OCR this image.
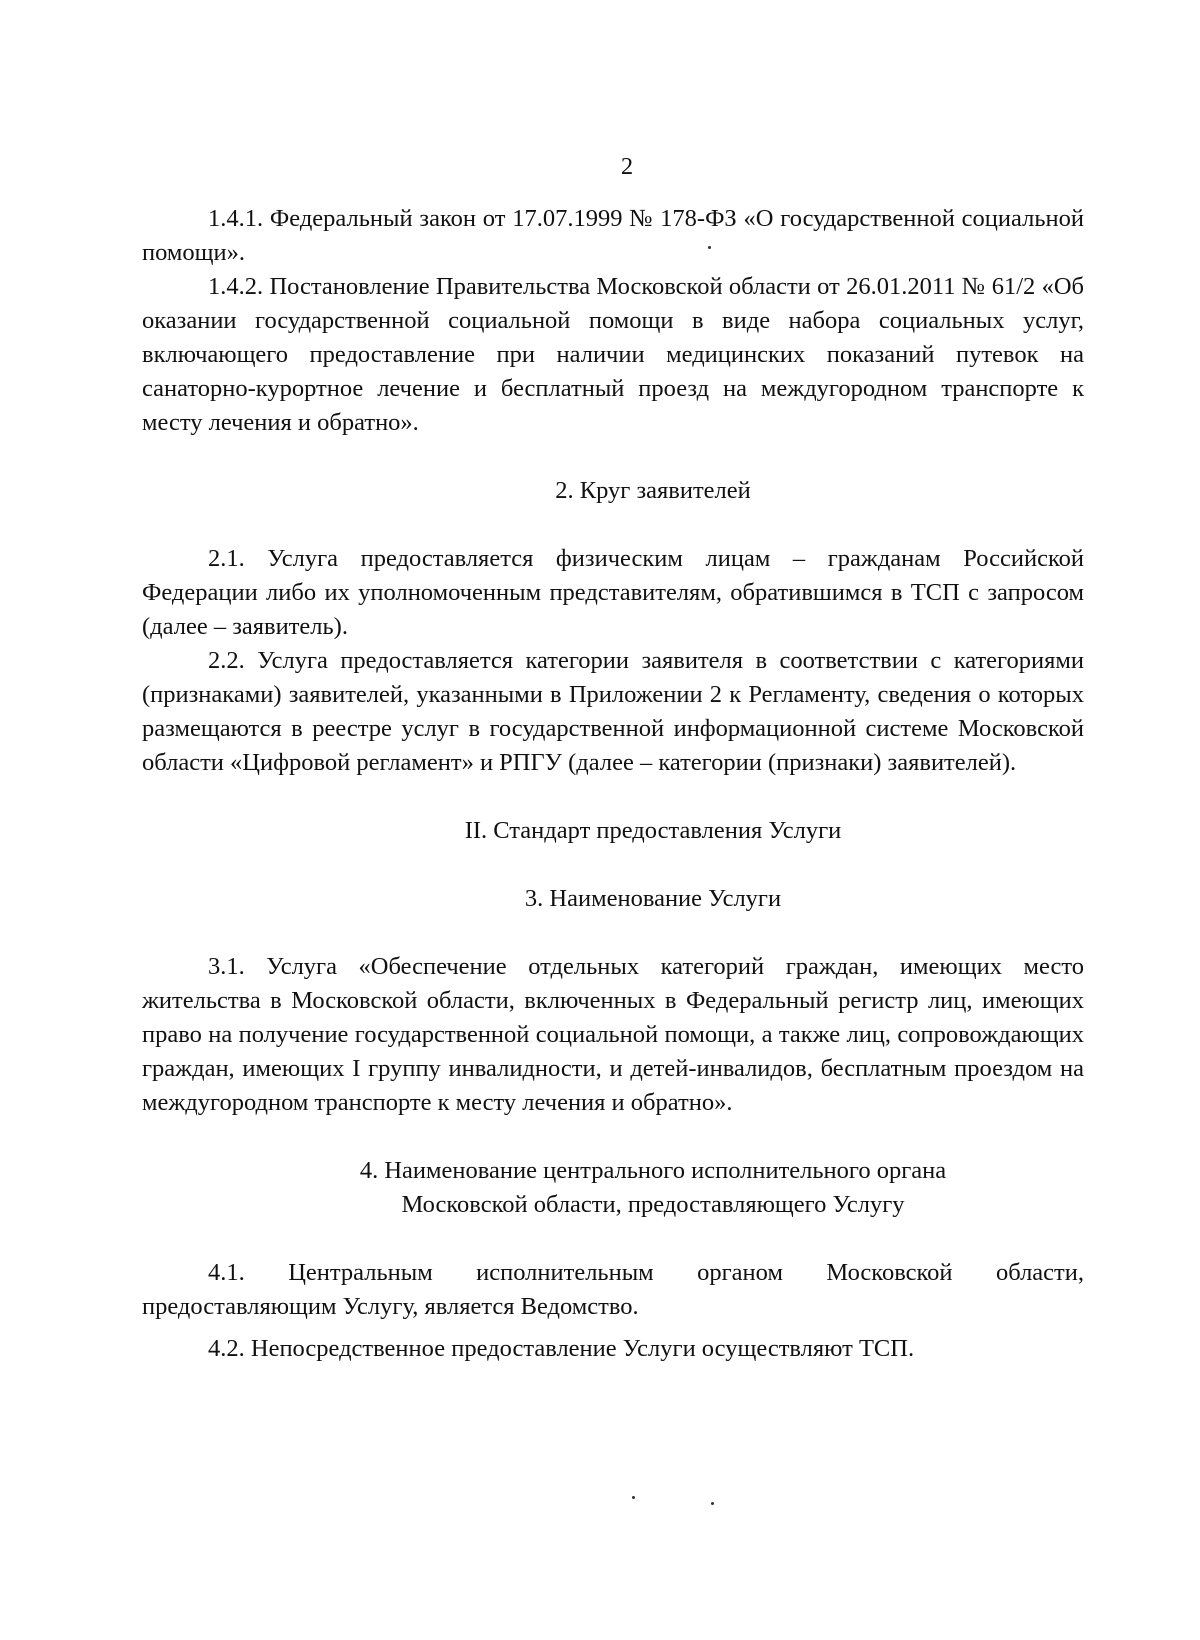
2

1.4.1. Федеральный закон от 17.07.1999 № 178-ФЗ «О государственной социальной помощи».

1.4.2. Постановление Правительства Московской области от 26.01.2011 № 61/2 «Об оказании государственной социальной помощи в виде набора социальных услуг, включающего предоставление при наличии медицинских показаний путевок на санаторно-курортное лечение и бесплатный проезд на междугородном транспорте к месту лечения и обратно».

2. Круг заявителей

2.1. Услуга предоставляется физическим лицам – гражданам Российской Федерации либо их уполномоченным представителям, обратившимся в ТСП с запросом (далее – заявитель).

2.2. Услуга предоставляется категории заявителя в соответствии с категориями (признаками) заявителей, указанными в Приложении 2 к Регламенту, сведения о которых размещаются в реестре услуг в государственной информационной системе Московской области «Цифровой регламент» и РПГУ (далее – категории (признаки) заявителей).

II. Стандарт предоставления Услуги
3. Наименование Услуги

3.1. Услуга «Обеспечение отдельных категорий граждан, имеющих место жительства в Московской области, включенных в Федеральный регистр лиц, имеющих право на получение государственной социальной помощи, а также лиц, сопровождающих граждан, имеющих I группу инвалидности, и детей-инвалидов, бесплатным проездом на междугородном транспорте к месту лечения и обратно».

4. Наименование центрального исполнительного органа
Московской области, предоставляющего Услугу

4.1. Центральным исполнительным органом Московской области, предоставляющим Услугу, является Ведомство.

4.2. Непосредственное предоставление Услуги осуществляют ТСП.
